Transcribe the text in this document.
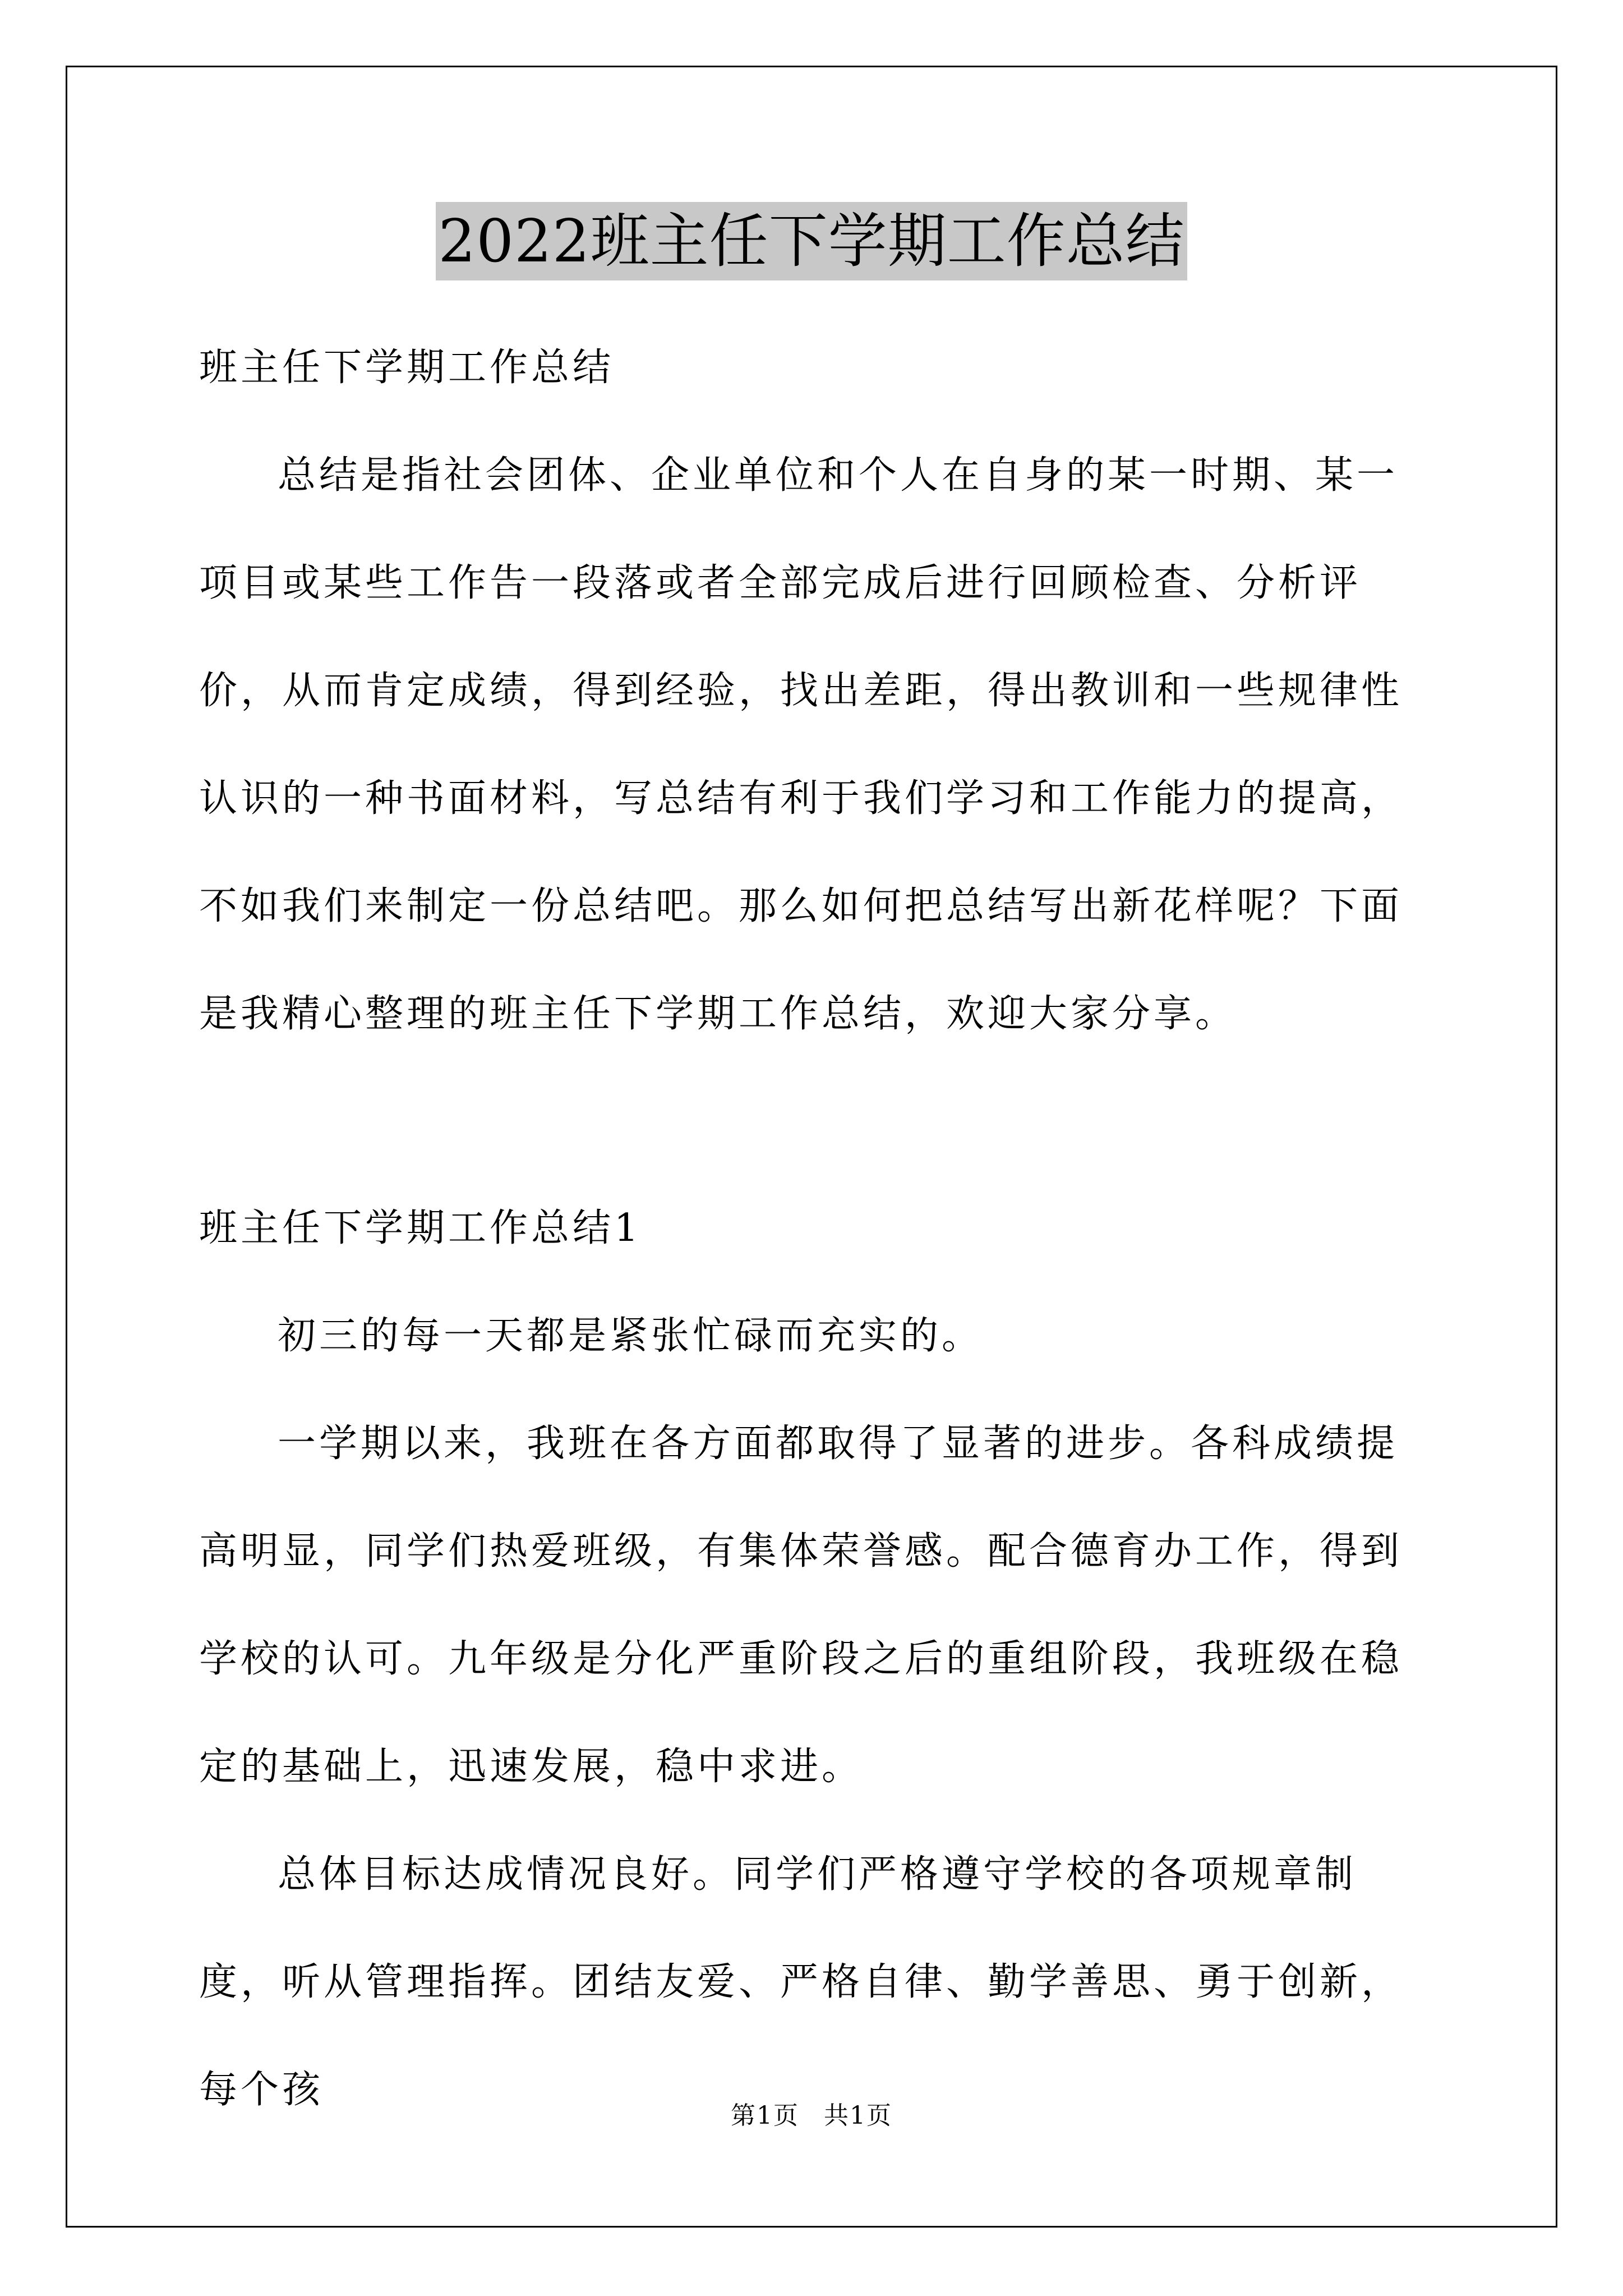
2022班主任下学期工作总结

班主任下学期工作总结

总结是指社会团体、企业单位和个人在自身的某一时期、某一项目或某些工作告一段落或者全部完成后进行回顾检查、分析评价，从而肯定成绩，得到经验，找出差距，得出教训和一些规律性认识的一种书面材料，写总结有利于我们学习和工作能力的提高，不如我们来制定一份总结吧。那么如何把总结写出新花样呢？下面是我精心整理的班主任下学期工作总结，欢迎大家分享。

班主任下学期工作总结1

初三的每一天都是紧张忙碌而充实的。

一学期以来，我班在各方面都取得了显著的进步。各科成绩提高明显，同学们热爱班级，有集体荣誉感。配合德育办工作，得到学校的认可。九年级是分化严重阶段之后的重组阶段，我班级在稳定的基础上，迅速发展，稳中求进。

总体目标达成情况良好。同学们严格遵守学校的各项规章制度，听从管理指挥。团结友爱、严格自律、勤学善思、勇于创新，每个孩

第1页 共1页
